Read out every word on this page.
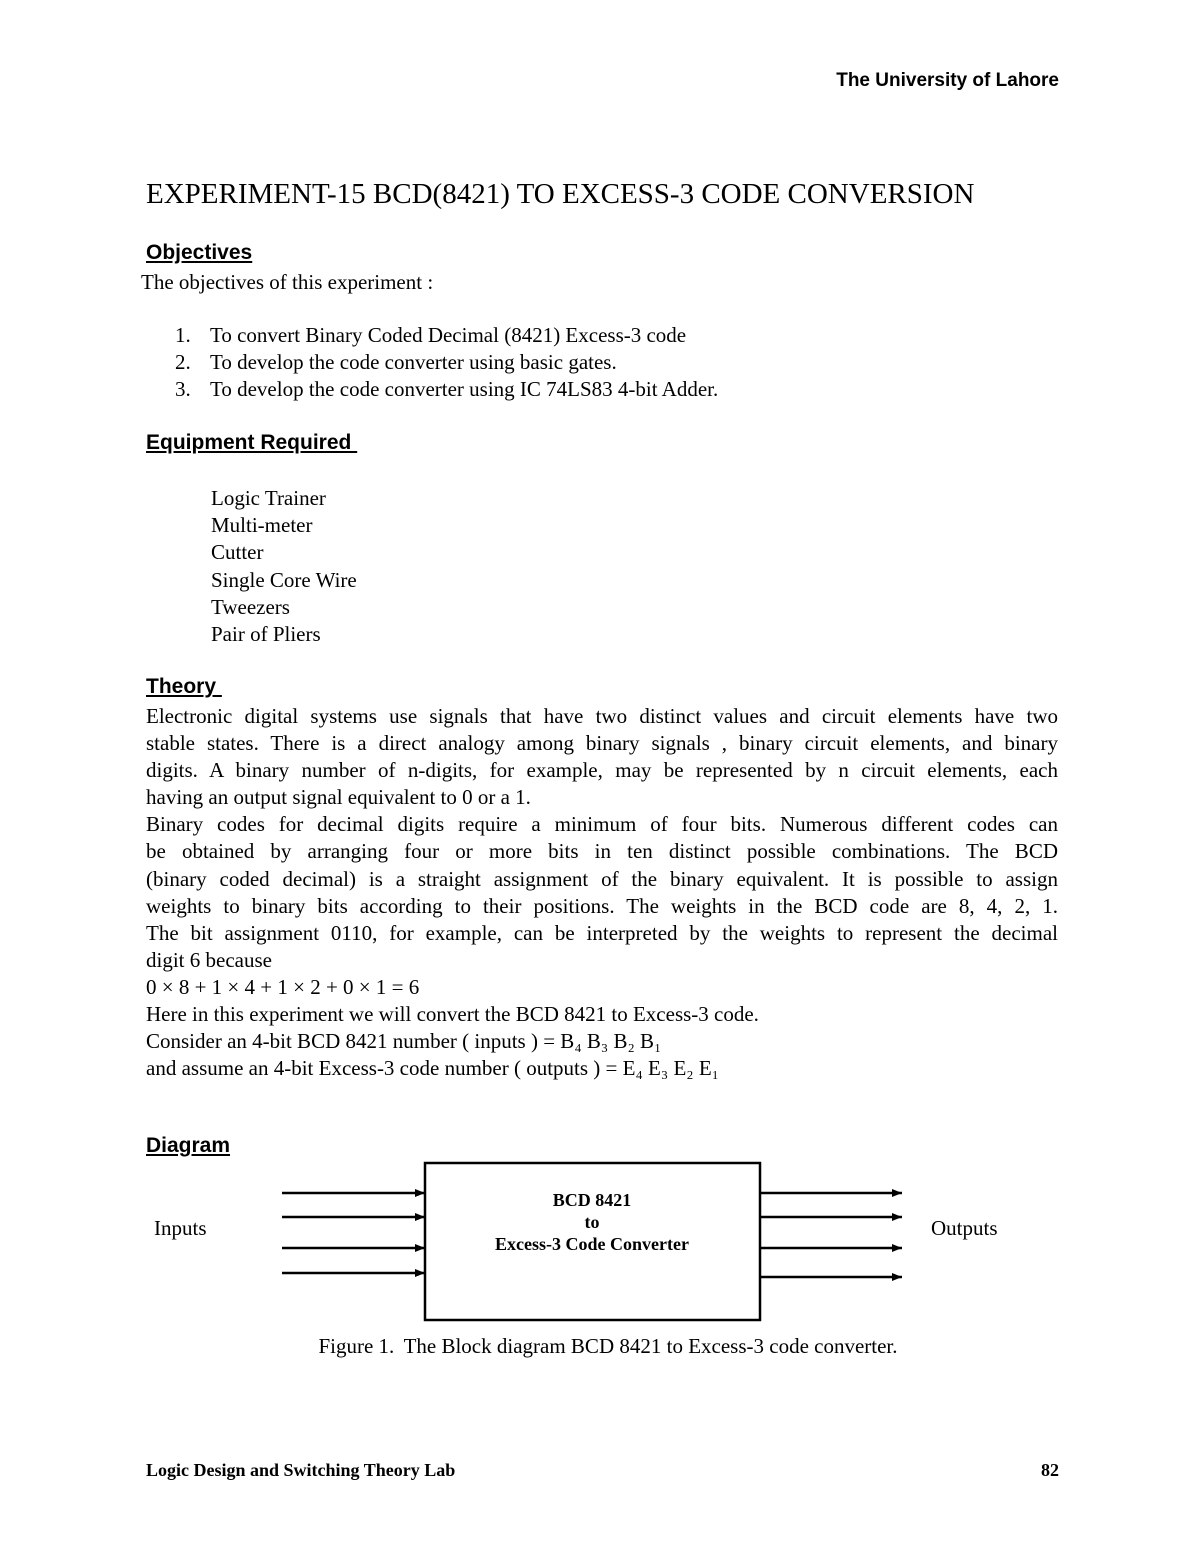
The University of Lahore
EXPERIMENT-15 BCD(8421) TO EXCESS-3 CODE CONVERSION
Objectives
The objectives of this experiment :
1. To convert Binary Coded Decimal (8421) Excess-3 code
2. To develop the code converter using basic gates.
3. To develop the code converter using IC 74LS83 4-bit Adder.
Equipment Required
Logic Trainer
Multi-meter
Cutter
Single Core Wire
Tweezers
Pair of Pliers
Theory

Electronic digital systems use signals that have two distinct values and circuit elements have two

stable states. There is a direct analogy among binary signals , binary circuit elements, and binary

digits. A binary number of n-digits, for example, may be represented by n circuit elements, each

having an output signal equivalent to 0 or a 1.

Binary codes for decimal digits require a minimum of four bits. Numerous different codes can

be obtained by arranging four or more bits in ten distinct possible combinations. The BCD

(binary coded decimal) is a straight assignment of the binary equivalent. It is possible to assign

weights to binary bits according to their positions. The weights in the BCD code are 8, 4, 2, 1.

The bit assignment 0110, for example, can be interpreted by the weights to represent the decimal

digit 6 because

0 × 8 + 1 × 4 + 1 × 2 + 0 × 1 = 6

Here in this experiment we will convert the BCD 8421 to Excess-3 code.

Consider an 4-bit BCD 8421 number ( inputs ) = B₄ B₃ B₂ B₁

and assume an 4-bit Excess-3 code number ( outputs ) = E₄ E₃ E₂ E₁

Diagram
BCD 8421
to
Excess-3 Code Converter
Inputs	Outputs
Figure 1. The Block diagram BCD 8421 to Excess-3 code converter.
Logic Design and Switching Theory Lab	82
